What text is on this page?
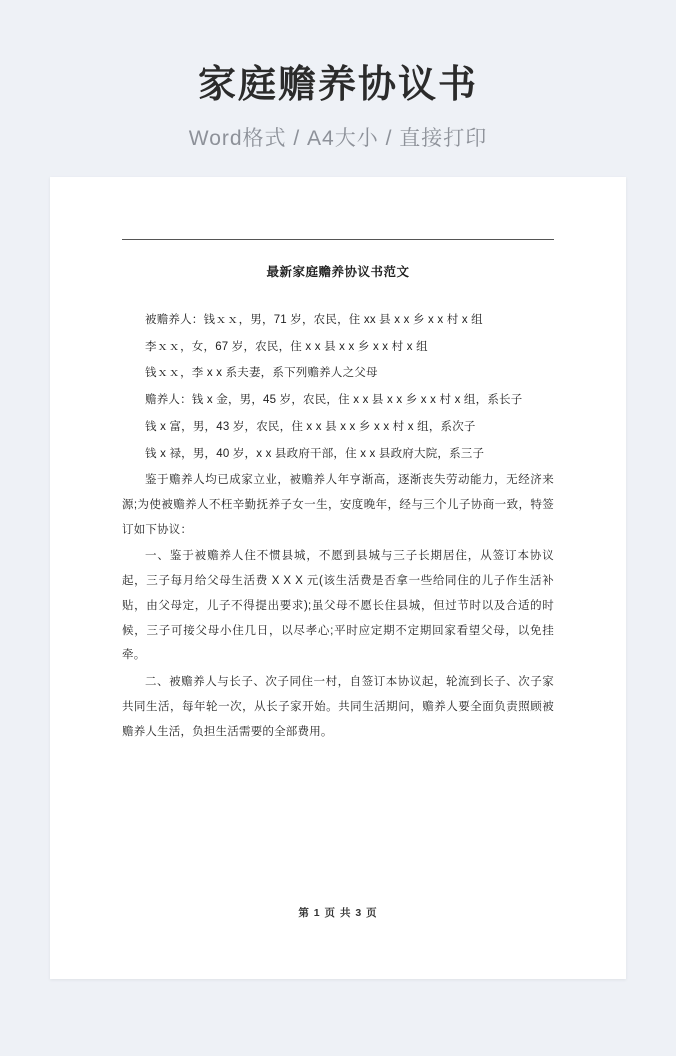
家庭赡养协议书
Word格式 / A4大小 / 直接打印
最新家庭赡养协议书范文

被赡养人：钱ｘｘ，男，71 岁，农民，住 xx 县 x x 乡 x x 村 x 组

李ｘｘ，女，67 岁，农民，住 x x 县 x x 乡 x x 村 x 组

钱ｘｘ，李 x x 系夫妻，系下列赡养人之父母

赡养人：钱 x 金，男，45 岁，农民，住 x x 县 x x 乡 x x 村 x 组，系长子

钱 x 富，男，43 岁，农民，住 x x 县 x x 乡 x x 村 x 组，系次子

钱 x 禄，男，40 岁，x x 县政府干部，住 x x 县政府大院，系三子

鉴于赡养人均已成家立业，被赡养人年亨渐高，逐渐丧失劳动能力，无经济来源;为使被赡养人不枉辛勤抚养子女一生，安度晚年，经与三个儿子协商一致，特签订如下协议：

一、鉴于被赡养人住不惯县城，不愿到县城与三子长期居住，从签订本协议起，三子每月给父母生活费 X X X 元(该生活费是否拿一些给同住的儿子作生活补贴，由父母定，儿子不得提出要求);虽父母不愿长住县城，但过节时以及合适的时候，三子可接父母小住几日，以尽孝心;平时应定期不定期回家看望父母，以免挂牵。

二、被赡养人与长子、次子同住一村，自签订本协议起，轮流到长子、次子家共同生活，每年轮一次，从长子家开始。共同生活期问，赡养人要全面负责照顾被赡养人生活，负担生活需要的全部费用。

第 1 页 共 3 页
